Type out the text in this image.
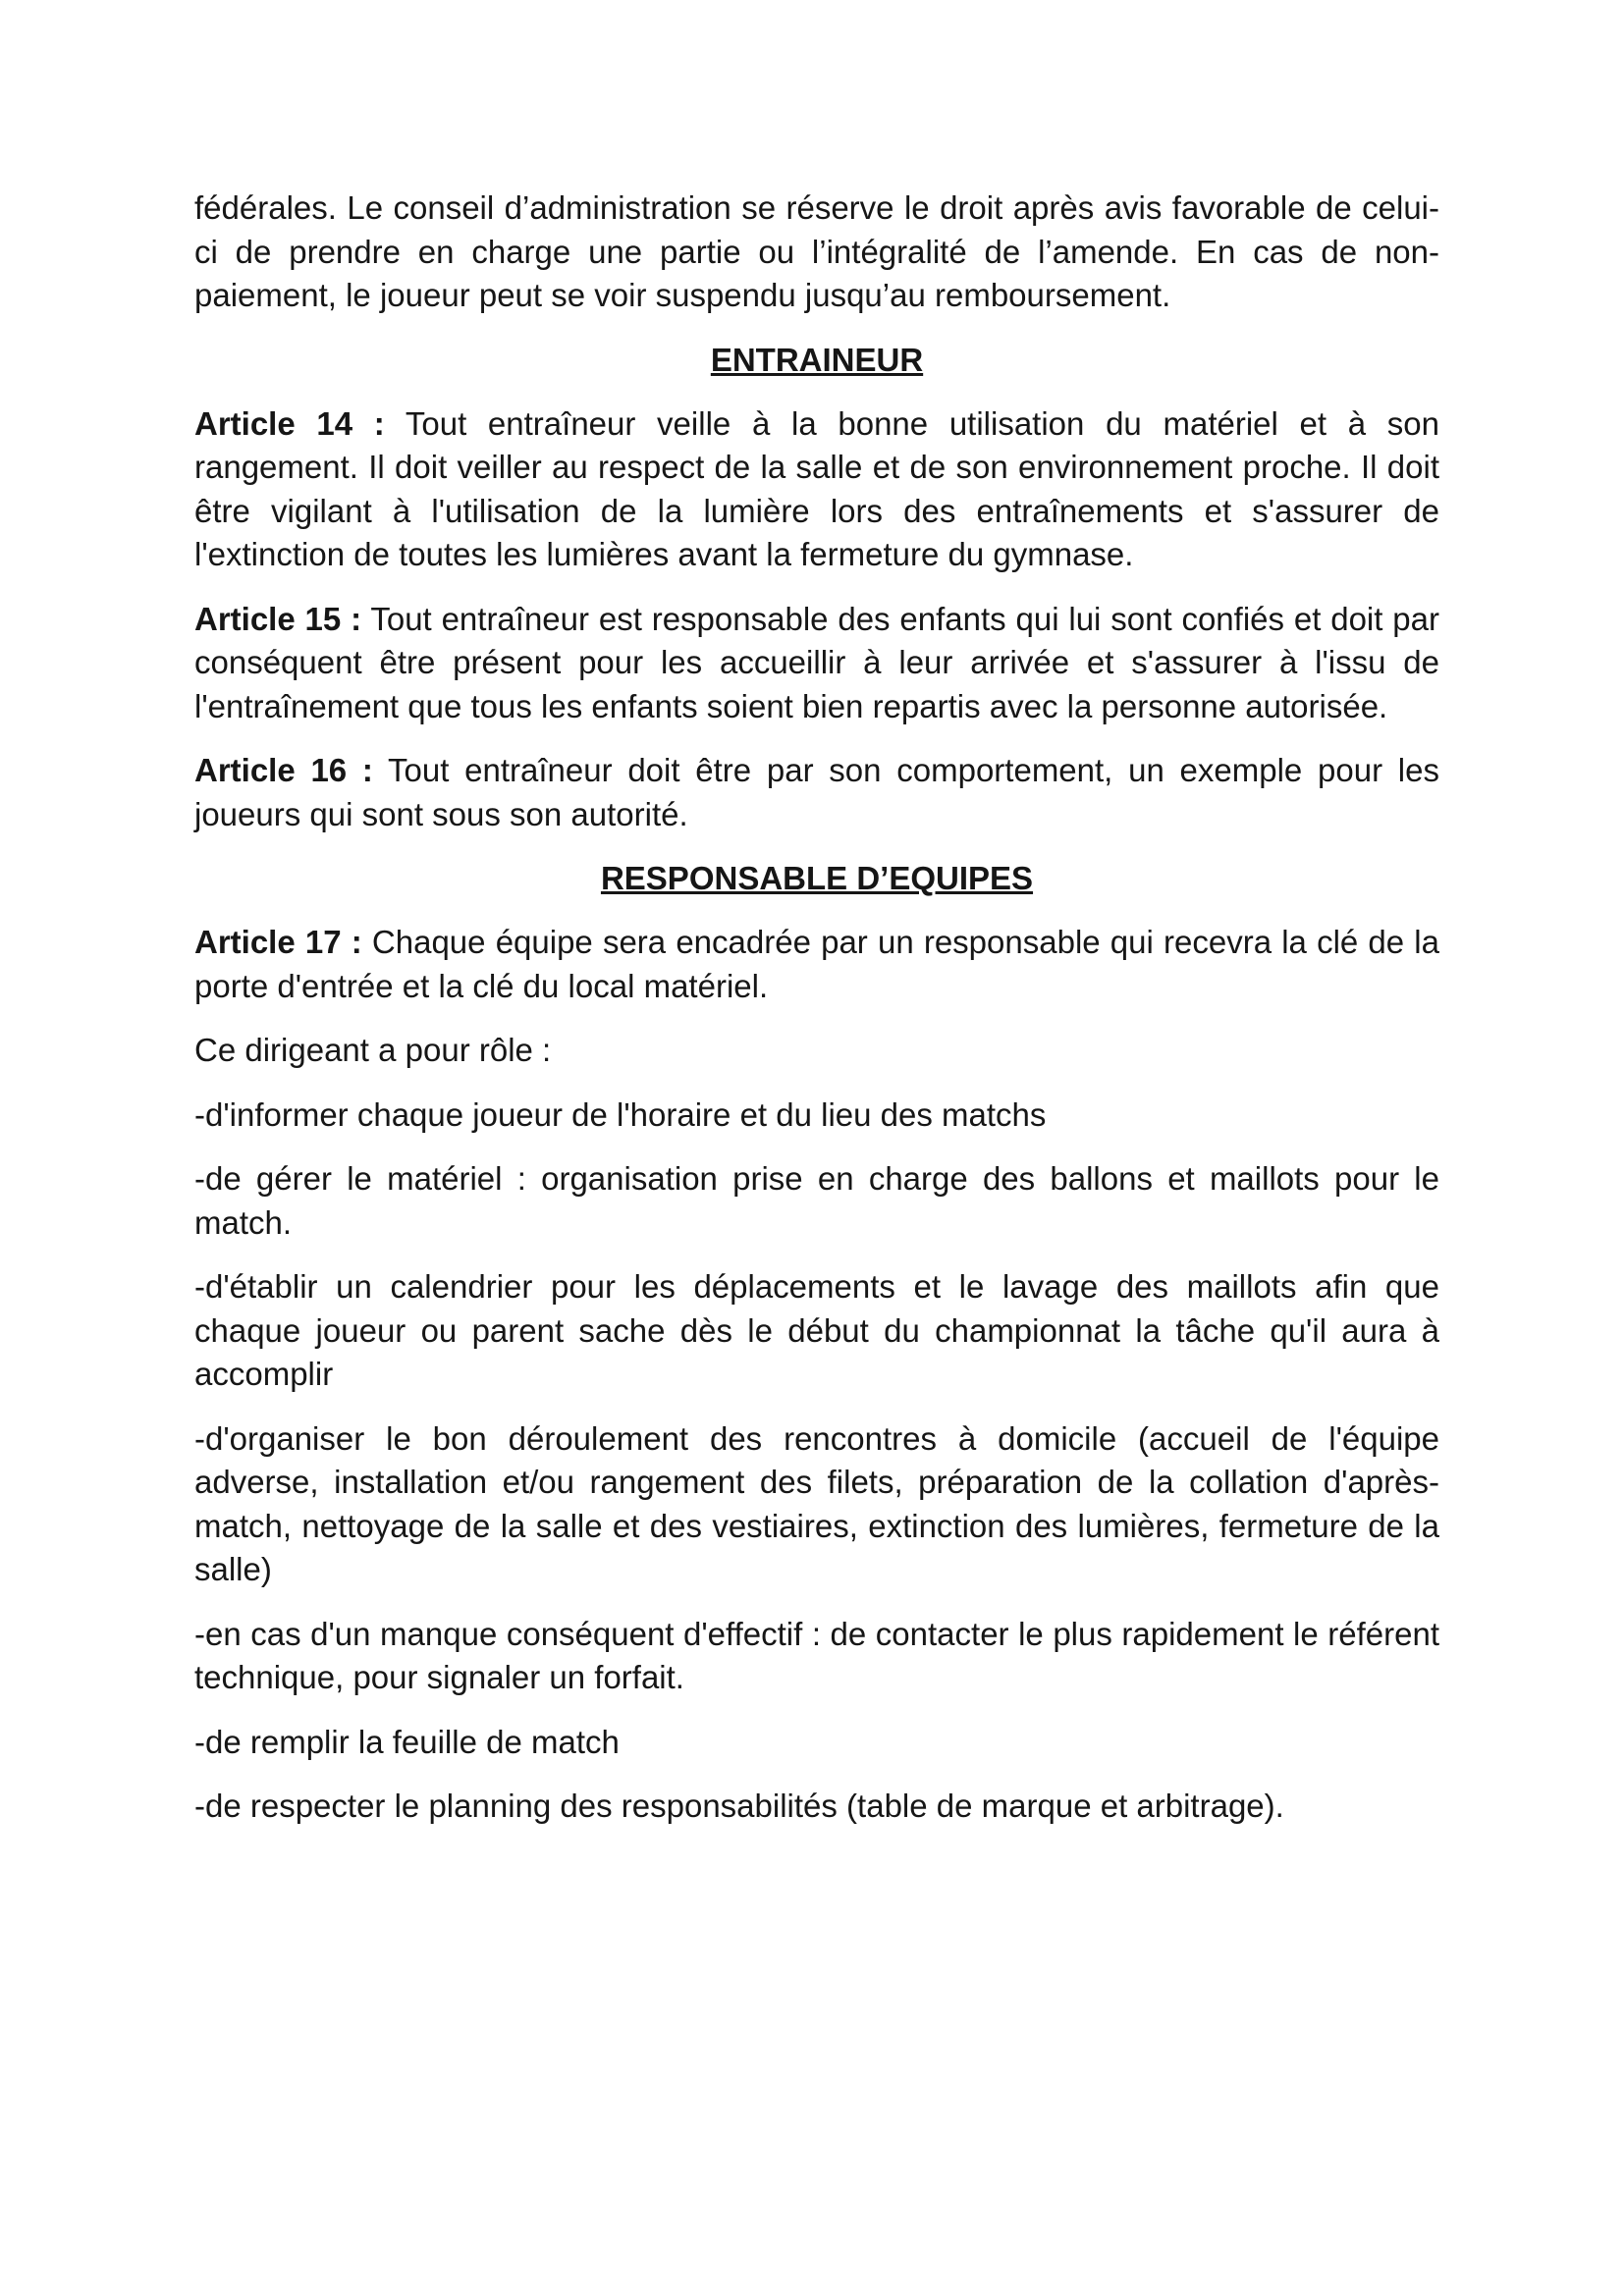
fédérales. Le conseil d’administration se réserve le droit après avis favorable de celui-ci de prendre en charge une partie ou l’intégralité de l’amende. En cas de non-paiement, le joueur peut se voir suspendu jusqu’au remboursement.

ENTRAINEUR

Article 14 : Tout entraîneur veille à la bonne utilisation du matériel et à son rangement. Il doit veiller au respect de la salle et de son environnement proche. Il doit être vigilant à l'utilisation de la lumière lors des entraînements et s'assurer de l'extinction de toutes les lumières avant la fermeture du gymnase.

Article 15 : Tout entraîneur est responsable des enfants qui lui sont confiés et doit par conséquent être présent pour les accueillir à leur arrivée et s'assurer à l'issu de l'entraînement que tous les enfants soient bien repartis avec la personne autorisée.

Article 16 : Tout entraîneur doit être par son comportement, un exemple pour les joueurs qui sont sous son autorité.

RESPONSABLE D’EQUIPES

Article 17 : Chaque équipe sera encadrée par un responsable qui recevra la clé de la porte d'entrée et la clé du local matériel.

Ce dirigeant a pour rôle :

-d'informer chaque joueur de l'horaire et du lieu des matchs

-de gérer le matériel : organisation prise en charge des ballons et maillots pour le match.

-d'établir un calendrier pour les déplacements et le lavage des maillots afin que chaque joueur ou parent sache dès le début du championnat la tâche qu'il aura à accomplir

-d'organiser le bon déroulement des rencontres à domicile (accueil de l'équipe adverse, installation et/ou rangement des filets, préparation de la collation d'après-match, nettoyage de la salle et des vestiaires, extinction des lumières, fermeture de la salle)

-en cas d'un manque conséquent d'effectif : de contacter le plus rapidement le référent technique, pour signaler un forfait.

-de remplir la feuille de match

-de respecter le planning des responsabilités (table de marque et arbitrage).
